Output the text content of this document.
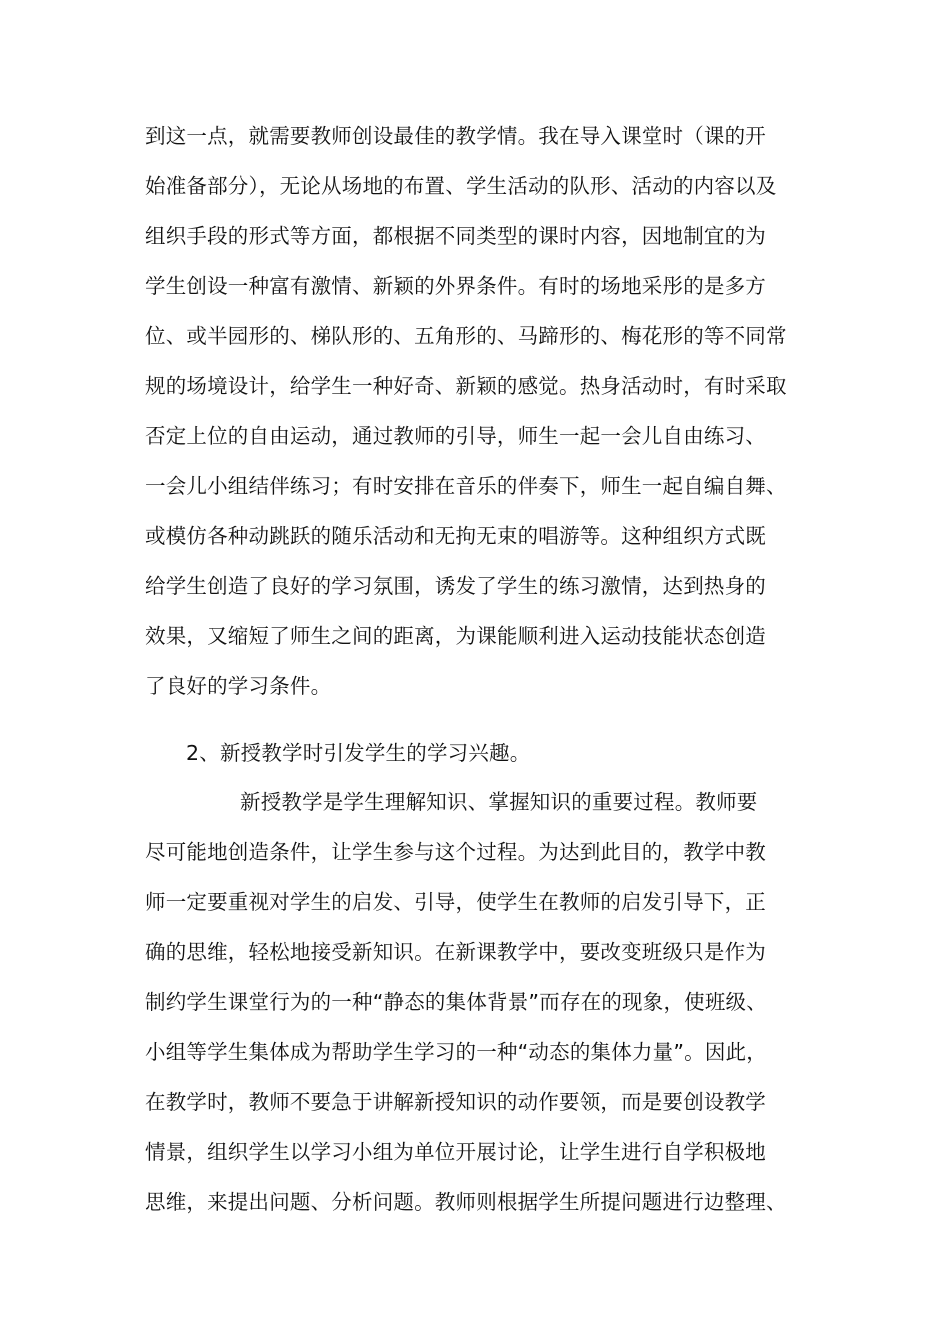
到这一点，就需要教师创设最佳的教学情。我在导入课堂时（课的开
始准备部分），无论从场地的布置、学生活动的队形、活动的内容以及
组织手段的形式等方面，都根据不同类型的课时内容，因地制宜的为
学生创设一种富有激情、新颖的外界条件。有时的场地采彤的是多方
位、或半园形的、梯队形的、五角形的、马蹄形的、梅花形的等不同常
规的场境设计，给学生一种好奇、新颖的感觉。热身活动时，有时采取
否定上位的自由运动，通过教师的引导，师生一起一会儿自由练习、
一会儿小组结伴练习；有时安排在音乐的伴奏下，师生一起自编自舞、
或模仿各种动跳跃的随乐活动和无拘无束的唱游等。这种组织方式既
给学生创造了良好的学习氛围，诱发了学生的练习激情，达到热身的
效果，又缩短了师生之间的距离，为课能顺利进入运动技能状态创造
了良好的学习条件。
2、新授教学时引发学生的学习兴趣。
新授教学是学生理解知识、掌握知识的重要过程。教师要
尽可能地创造条件，让学生参与这个过程。为达到此目的，教学中教
师一定要重视对学生的启发、引导，使学生在教师的启发引导下，正
确的思维，轻松地接受新知识。在新课教学中，要改变班级只是作为
制约学生课堂行为的一种“静态的集体背景”而存在的现象，使班级、
小组等学生集体成为帮助学生学习的一种“动态的集体力量”。因此，
在教学时，教师不要急于讲解新授知识的动作要领，而是要创设教学
情景，组织学生以学习小组为单位开展讨论，让学生进行自学积极地
思维，来提出问题、分析问题。教师则根据学生所提问题进行边整理、
